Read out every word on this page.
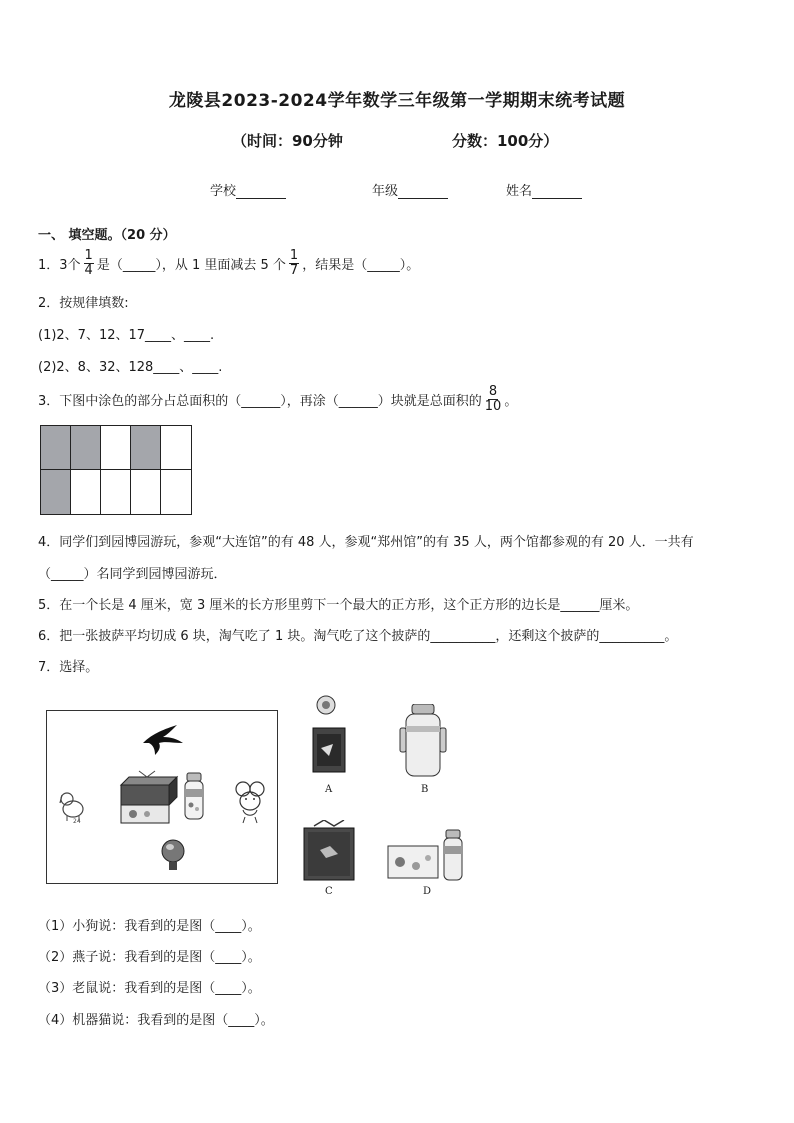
龙陵县2023-2024学年数学三年级第一学期期末统考试题
（时间：90分钟	分数：100分）
学校	年级	姓名
一、 填空题。（20 分）
1．3个 $\frac{1}{4}$ 是（_____），从 1 里面减去 5 个 $\frac{1}{7}$ ，结果是（_____）。
2．按规律填数:
(1)2、7、12、17____、____.
(2)2、8、32、128____、____.
3．下图中涂色的部分占总面积的（______），再涂（______）块就是总面积的 $\frac{8}{10}$ 。
4．同学们到园博园游玩，参观“大连馆”的有 48 人，参观“郑州馆”的有 35 人，两个馆都参观的有 20 人．一共有
（_____）名同学到园博园游玩．
5．在一个长是 4 厘米，宽 3 厘米的长方形里剪下一个最大的正方形，这个正方形的边长是______厘米。
6．把一张披萨平均切成 6 块，淘气吃了 1 块。淘气吃了这个披萨的__________，还剩这个披萨的__________。
7．选择。
24
A	B
C	D
（1）小狗说：我看到的是图（____）。
（2）燕子说：我看到的是图（____）。
（3）老鼠说：我看到的是图（____）。
（4）机器猫说：我看到的是图（____）。
